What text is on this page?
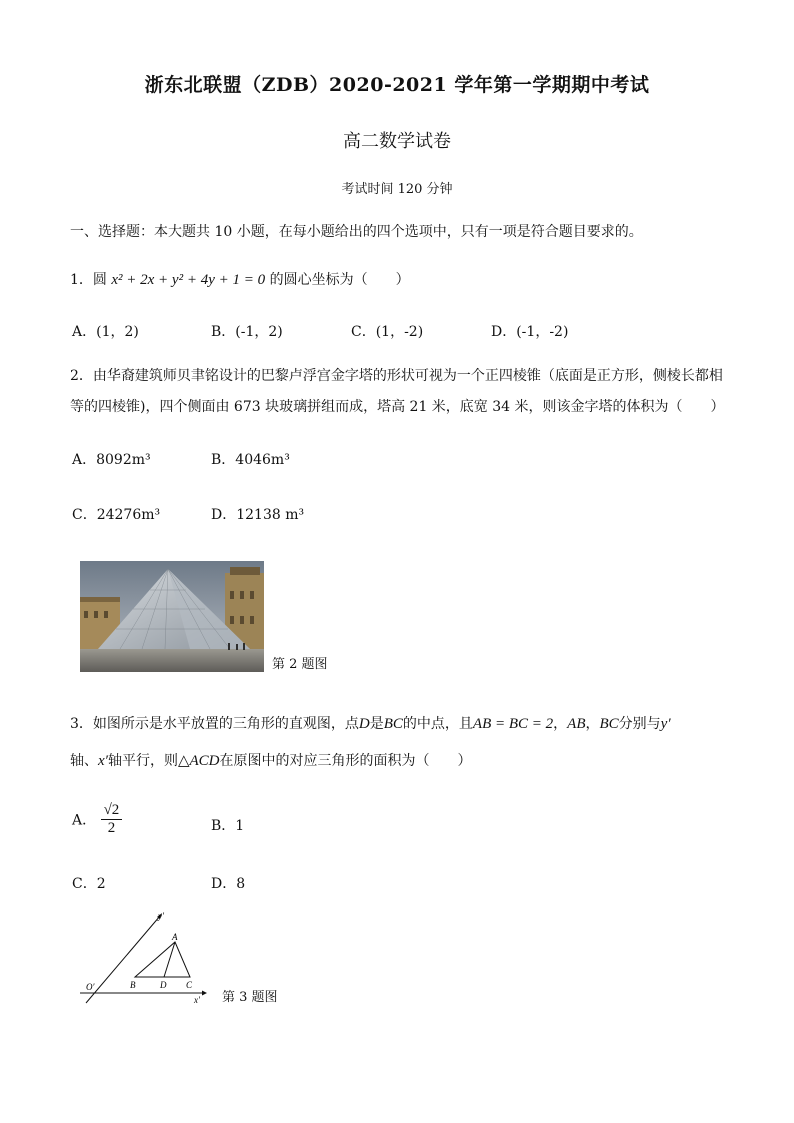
浙东北联盟（ZDB）2020-2021 学年第一学期期中考试
高二数学试卷
考试时间 120 分钟
一、选择题：本大题共 10 小题，在每小题给出的四个选项中，只有一项是符合题目要求的。
1．圆 x² + 2x + y² + 4y + 1 = 0 的圆心坐标为（　　）
A．(1，2)	B．(-1，2)	C．(1，-2)	D．(-1，-2)
2．由华裔建筑师贝聿铭设计的巴黎卢浮宫金字塔的形状可视为一个正四棱锥（底面是正方形，侧棱长都相
等的四棱锥)，四个侧面由 673 块玻璃拼组而成，塔高 21 米，底宽 34 米，则该金字塔的体积为（　　）
A．8092m³	B．4046m³
C．24276m³	D．12138 m³
第 2 题图
3．如图所示是水平放置的三角形的直观图，点D是BC的中点，且AB = BC = 2，AB，BC分别与y′
轴、x′轴平行，则△ACD在原图中的对应三角形的面积为（　　）
A． $\frac{√2}{2}$	B．1
C．2	D．8
y′
A
O′	B	D C
x′ 第 3 题图
